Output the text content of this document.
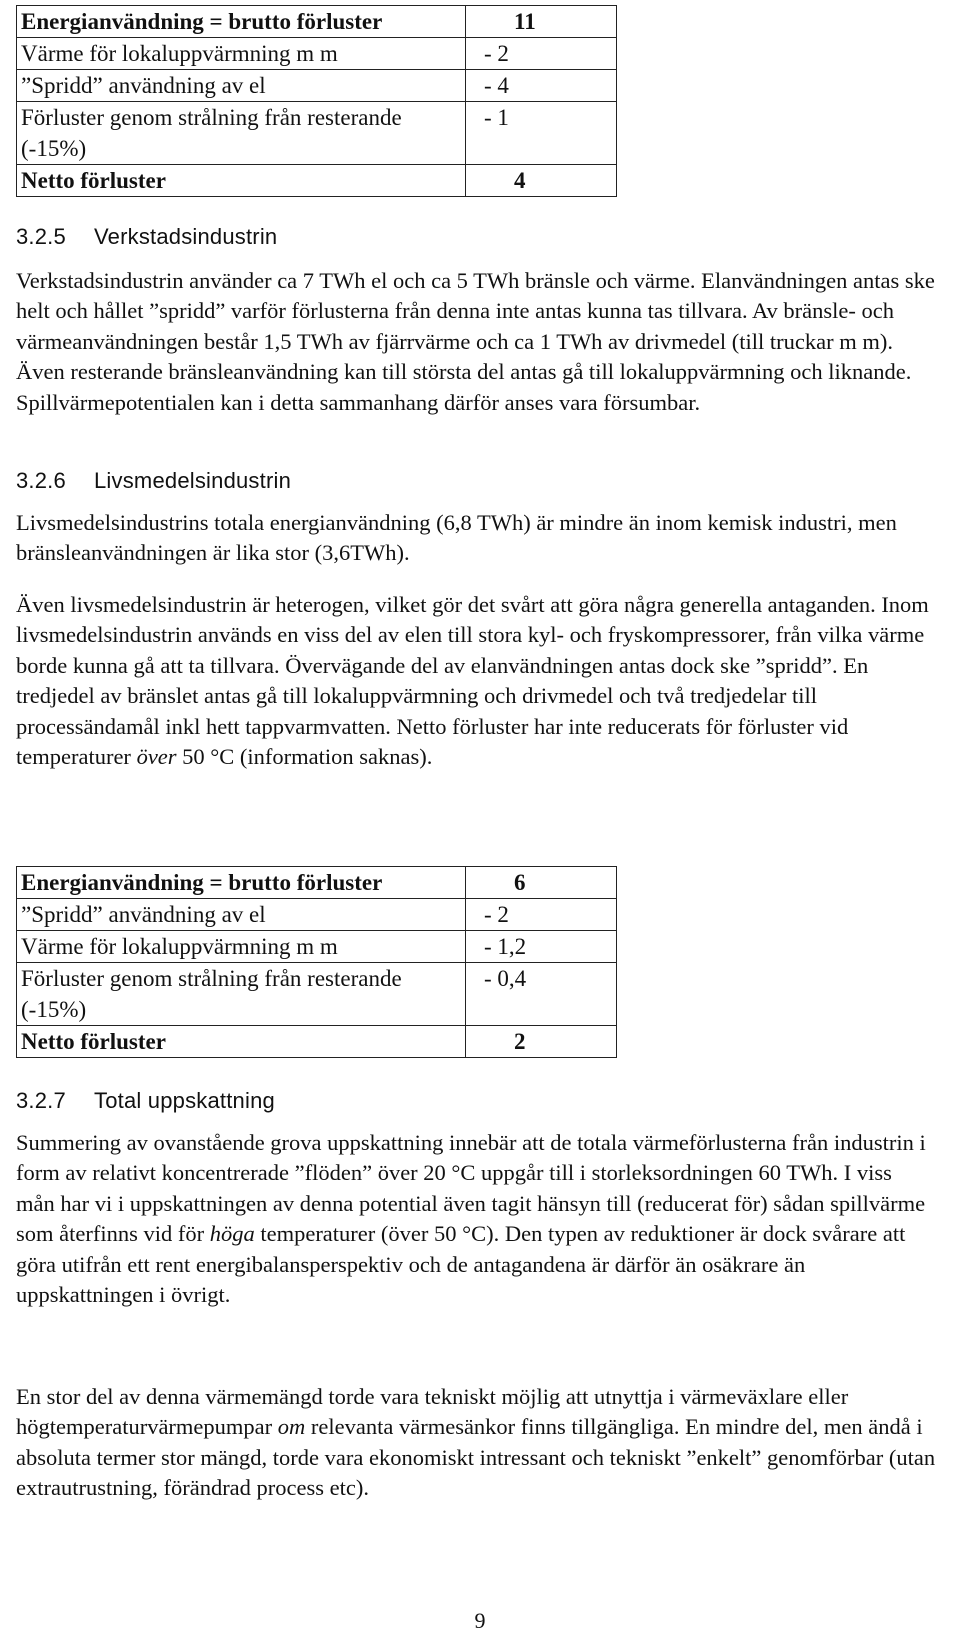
Energianvändning = brutto förluster	11
Värme för lokaluppvärmning m m	- 2
”Spridd” användning av el	- 4
Förluster genom strålning från resterande (-15%)	- 1
Netto förluster	4
3.2.5 Verkstadsindustrin

Verkstadsindustrin använder ca 7 TWh el och ca 5 TWh bränsle och värme. Elanvändningen antas ske helt och hållet ”spridd” varför förlusterna från denna inte antas kunna tas tillvara. Av bränsle- och värmeanvändningen består 1,5 TWh av fjärrvärme och ca 1 TWh av drivmedel (till truckar m m). Även resterande bränsleanvändning kan till största del antas gå till lokaluppvärmning och liknande. Spillvärmepotentialen kan i detta sammanhang därför anses vara försumbar.

3.2.6 Livsmedelsindustrin

Livsmedelsindustrins totala energianvändning (6,8 TWh) är mindre än inom kemisk industri, men bränsleanvändningen är lika stor (3,6TWh).

Även livsmedelsindustrin är heterogen, vilket gör det svårt att göra några generella antaganden. Inom livsmedelsindustrin används en viss del av elen till stora kyl- och fryskompressorer, från vilka värme borde kunna gå att ta tillvara. Övervägande del av elanvändningen antas dock ske ”spridd”. En tredjedel av bränslet antas gå till lokaluppvärmning och drivmedel och två tredjedelar till processändamål inkl hett tappvarmvatten. Netto förluster har inte reducerats för förluster vid temperaturer över 50 °C (information saknas).

Energianvändning = brutto förluster	6
”Spridd” användning av el	- 2
Värme för lokaluppvärmning m m	- 1,2
Förluster genom strålning från resterande (-15%)	- 0,4
Netto förluster	2
3.2.7 Total uppskattning

Summering av ovanstående grova uppskattning innebär att de totala värmeförlusterna från industrin i form av relativt koncentrerade ”flöden” över 20 °C uppgår till i storleksordningen 60 TWh. I viss mån har vi i uppskattningen av denna potential även tagit hänsyn till (reducerat för) sådan spillvärme som återfinns vid för höga temperaturer (över 50 °C). Den typen av reduktioner är dock svårare att göra utifrån ett rent energibalansperspektiv och de antagandena är därför än osäkrare än uppskattningen i övrigt.

En stor del av denna värmemängd torde vara tekniskt möjlig att utnyttja i värmeväxlare eller högtemperaturvärmepumpar om relevanta värmesänkor finns tillgängliga. En mindre del, men ändå i absoluta termer stor mängd, torde vara ekonomiskt intressant och tekniskt ”enkelt” genomförbar (utan extrautrustning, förändrad process etc).

9
